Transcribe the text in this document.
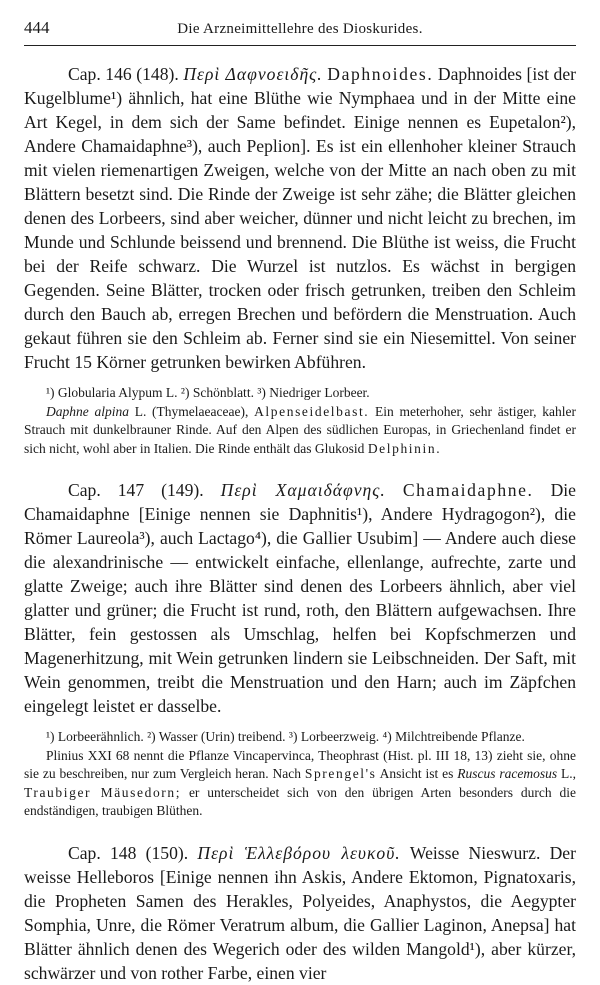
444	Die Arzneimittellehre des Dioskurides.

Cap. 146 (148). Περὶ Δαφνοειδῆς. Daphnoides. Daphnoides [ist der Kugelblume¹) ähnlich, hat eine Blüthe wie Nymphaea und in der Mitte eine Art Kegel, in dem sich der Same befindet. Einige nennen es Eupetalon²), Andere Chamaidaphne³), auch Peplion]. Es ist ein ellenhoher kleiner Strauch mit vielen riemenartigen Zweigen, welche von der Mitte an nach oben zu mit Blättern besetzt sind. Die Rinde der Zweige ist sehr zähe; die Blätter gleichen denen des Lorbeers, sind aber weicher, dünner und nicht leicht zu brechen, im Munde und Schlunde beissend und brennend. Die Blüthe ist weiss, die Frucht bei der Reife schwarz. Die Wurzel ist nutzlos. Es wächst in bergigen Gegenden. Seine Blätter, trocken oder frisch getrunken, treiben den Schleim durch den Bauch ab, erregen Brechen und befördern die Menstruation. Auch gekaut führen sie den Schleim ab. Ferner sind sie ein Niesemittel. Von seiner Frucht 15 Körner getrunken bewirken Abführen.

¹) Globularia Alypum L. ²) Schönblatt. ³) Niedriger Lorbeer.

Daphne alpina L. (Thymelaeaceae), Alpenseidelbast. Ein meterhoher, sehr ästiger, kahler Strauch mit dunkelbrauner Rinde. Auf den Alpen des südlichen Europas, in Griechenland findet er sich nicht, wohl aber in Italien. Die Rinde enthält das Glukosid Delphinin.

Cap. 147 (149). Περὶ Χαμαιδάφνης. Chamaidaphne. Die Chamaidaphne [Einige nennen sie Daphnitis¹), Andere Hydragogon²), die Römer Laureola³), auch Lactago⁴), die Gallier Usubim] — Andere auch diese die alexandrinische — entwickelt einfache, ellenlange, aufrechte, zarte und glatte Zweige; auch ihre Blätter sind denen des Lorbeers ähnlich, aber viel glatter und grüner; die Frucht ist rund, roth, den Blättern aufgewachsen. Ihre Blätter, fein gestossen als Umschlag, helfen bei Kopfschmerzen und Magenerhitzung, mit Wein getrunken lindern sie Leibschneiden. Der Saft, mit Wein genommen, treibt die Menstruation und den Harn; auch im Zäpfchen eingelegt leistet er dasselbe.

¹) Lorbeerähnlich. ²) Wasser (Urin) treibend. ³) Lorbeerzweig. ⁴) Milchtreibende Pflanze.

Plinius XXI 68 nennt die Pflanze Vincapervinca, Theophrast (Hist. pl. III 18, 13) zieht sie, ohne sie zu beschreiben, nur zum Vergleich heran. Nach Sprengel's Ansicht ist es Ruscus racemosus L., Traubiger Mäusedorn; er unterscheidet sich von den übrigen Arten besonders durch die endständigen, traubigen Blüthen.

Cap. 148 (150). Περὶ Ἑλλεβόρου λευκοῦ. Weisse Nieswurz. Der weisse Helleboros [Einige nennen ihn Askis, Andere Ektomon, Pignatoxaris, die Propheten Samen des Herakles, Polyeides, Anaphystos, die Aegypter Somphia, Unre, die Römer Veratrum album, die Gallier Laginon, Anepsa] hat Blätter ähnlich denen des Wegerich oder des wilden Mangold¹), aber kürzer, schwärzer und von rother Farbe, einen vier
